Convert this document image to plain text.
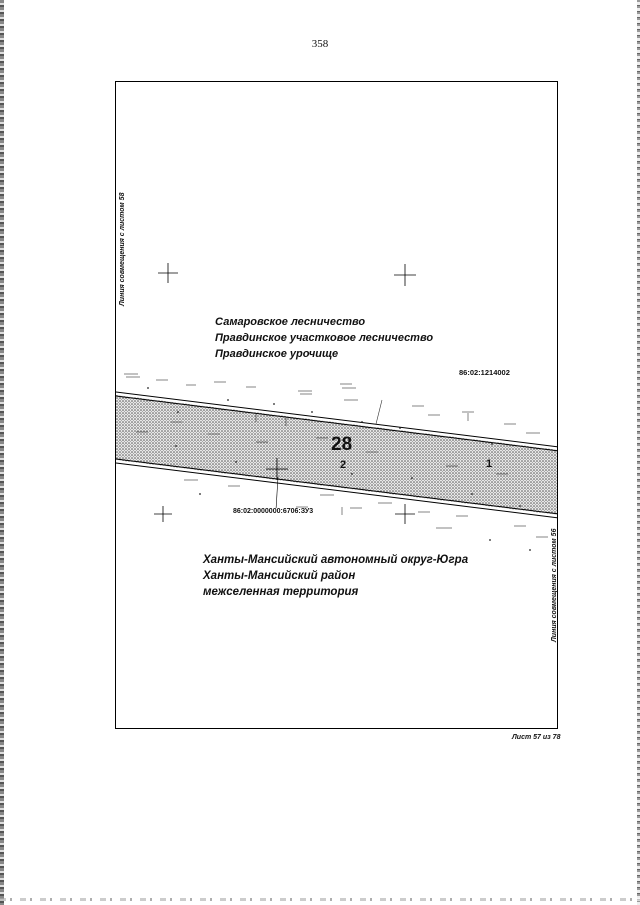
358
Линия совмещения с листом 58
Линия совмещения с листом 56
Самаровское лесничество
Правдинское участковое лесничество
Правдинское урочище
86:02:1214002
28
2	1
86:02:0000000:6706:ЗУ3
Ханты-Мансийский автономный округ-Югра
Ханты-Мансийский район
межселенная территория
Лист 57 из 78
